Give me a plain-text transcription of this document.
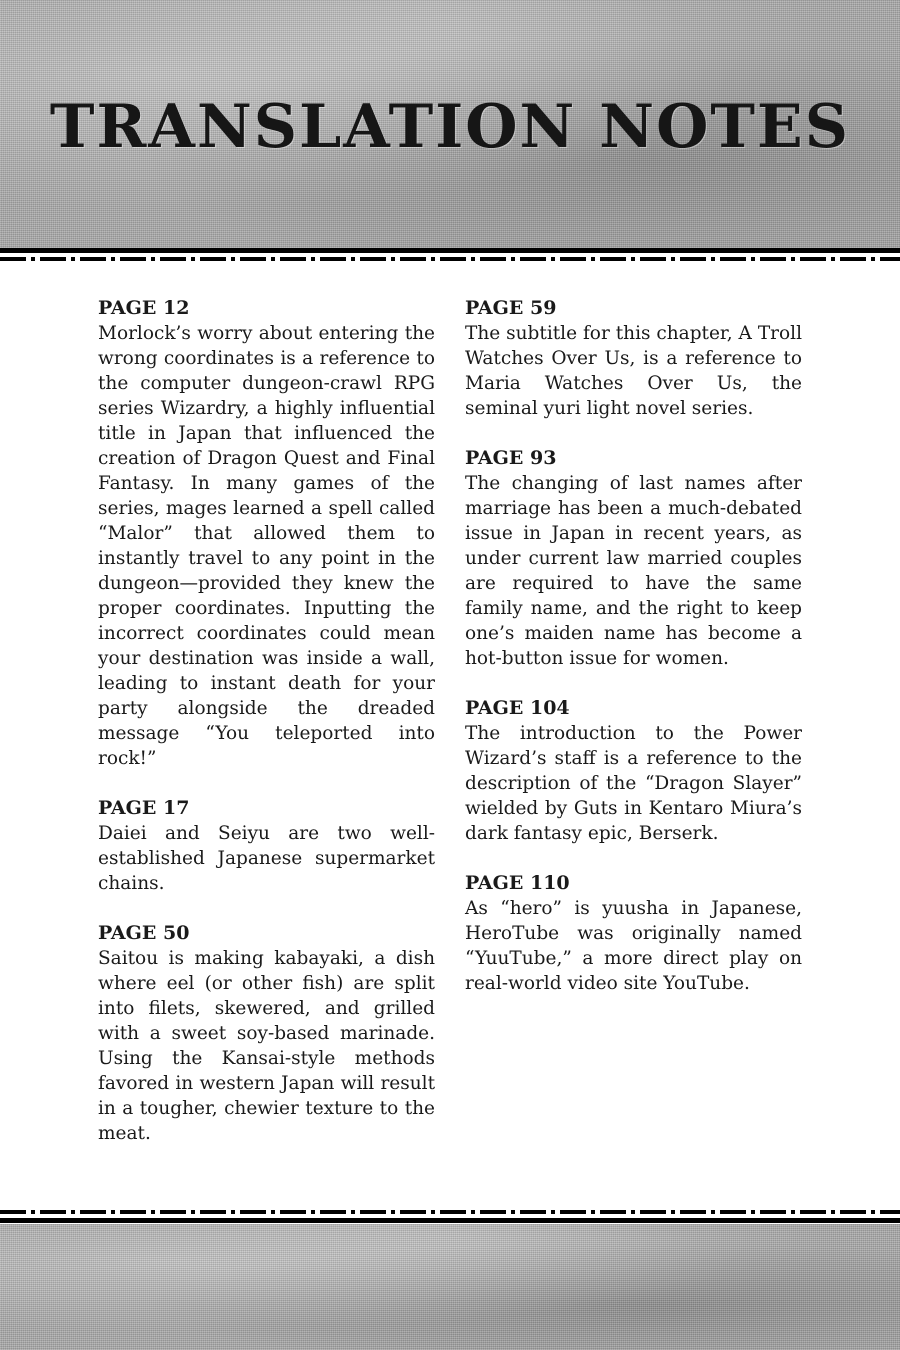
TRANSLATION NOTES

PAGE 12

Morlock’s worry about entering the wrong coordinates is a reference to the computer dungeon-crawl RPG series Wizardry, a highly influential title in Japan that influenced the creation of Dragon Quest and Final Fantasy. In many games of the series, mages learned a spell called “Malor” that allowed them to instantly travel to any point in the dungeon—provided they knew the proper coordinates. Inputting the incorrect coordinates could mean your destination was inside a wall, leading to instant death for your party alongside the dreaded message “You teleported into rock!”

PAGE 17

Daiei and Seiyu are two well-established Japanese supermarket chains.

PAGE 50

Saitou is making kabayaki, a dish where eel (or other fish) are split into filets, skewered, and grilled with a sweet soy-based marinade. Using the Kansai-style methods favored in western Japan will result in a tougher, chewier texture to the meat.

PAGE 59

The subtitle for this chapter, A Troll Watches Over Us, is a reference to Maria Watches Over Us, the seminal yuri light novel series.

PAGE 93

The changing of last names after marriage has been a much-debated issue in Japan in recent years, as under current law married couples are required to have the same family name, and the right to keep one’s maiden name has become a hot-button issue for women.

PAGE 104

The introduction to the Power Wizard’s staff is a reference to the description of the “Dragon Slayer” wielded by Guts in Kentaro Miura’s dark fantasy epic, Berserk.

PAGE 110

As “hero” is yuusha in Japanese, HeroTube was originally named “YuuTube,” a more direct play on real-world video site YouTube.
